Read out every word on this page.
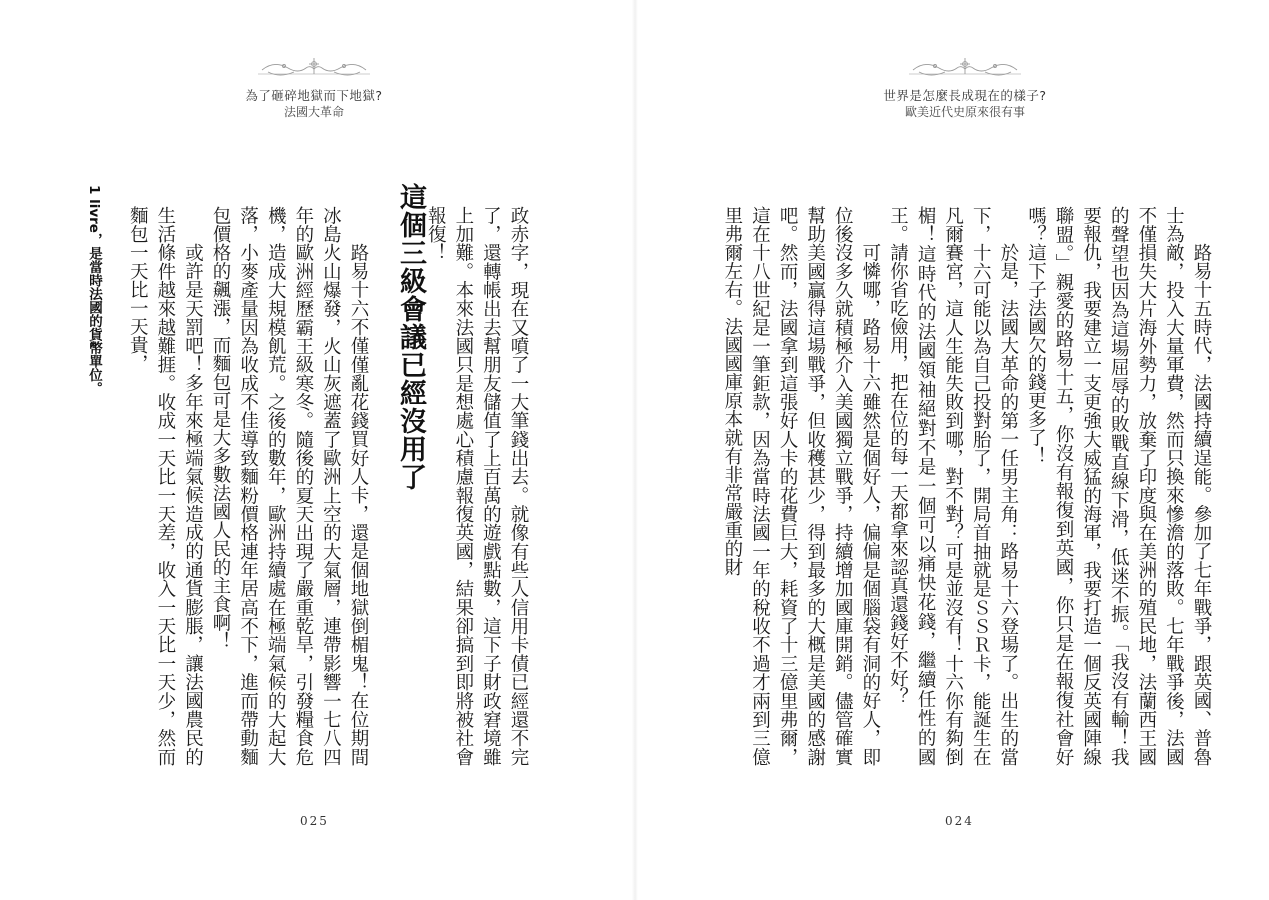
為了砸碎地獄而下地獄?
法國大革命

政赤字，現在又噴了一大筆錢出去。就像有些人信用卡債已經還不完了，還轉帳出去幫朋友儲值了上百萬的遊戲點數，這下子財政窘境雖上加難。本來法國只是想處心積慮報復英國，結果卻搞到即將被社會報復！

這個三級會議已經沒用了

路易十六不僅僅亂花錢買好人卡，還是個地獄倒楣鬼！在位期間冰島火山爆發，火山灰遮蓋了歐洲上空的大氣層，連帶影響一七八四年的歐洲經歷霸王級寒冬。隨後的夏天出現了嚴重乾旱，引發糧食危機，造成大規模飢荒。之後的數年，歐洲持續處在極端氣候的大起大落，小麥產量因為收成不佳導致麵粉價格連年居高不下，進而帶動麵包價格的飆漲，而麵包可是大多數法國人民的主食啊！

或許是天罰吧！多年來極端氣候造成的通貨膨脹，讓法國農民的生活條件越來越難捱。收成一天比一天差，收入一天比一天少，然而麵包一天比一天貴，

1 livre，是當時法國的貨幣單位。
025
世界是怎麼長成現在的樣子?
歐美近代史原來很有事

路易十五時代，法國持續逞能。參加了七年戰爭，跟英國、普魯士為敵，投入大量軍費，然而只換來慘澹的落敗。七年戰爭後，法國不僅損失大片海外勢力，放棄了印度與在美洲的殖民地，法蘭西王國的聲望也因為這場屈辱的敗戰直線下滑，低迷不振。「我沒有輸！我要報仇，我要建立一支更強大威猛的海軍，我要打造一個反英國陣線聯盟。」親愛的路易十五，你沒有報復到英國，你只是在報復社會好嗎？這下子法國欠的錢更多了！

於是，法國大革命的第一任男主角：路易十六登場了。出生的當下，十六可能以為自己投對胎了，開局首抽就是ＳＳＲ卡，能誕生在凡爾賽宮，這人生能失敗到哪，對不對？可是並沒有！十六你有夠倒楣！這時代的法國領袖絕對不是一個可以痛快花錢，繼續任性的國王。請你省吃儉用，把在位的每一天都拿來認真還錢好不好？

可憐哪，路易十六雖然是個好人，偏偏是個腦袋有洞的好人，即位後沒多久就積極介入美國獨立戰爭，持續增加國庫開銷。儘管確實幫助美國贏得這場戰爭，但收穫甚少，得到最多的大概是美國的感謝吧。然而，法國拿到這張好人卡的花費巨大，耗資了十三億里弗爾，這在十八世紀是一筆鉅款，因為當時法國一年的稅收不過才兩到三億里弗爾左右。法國國庫原本就有非常嚴重的財

024
